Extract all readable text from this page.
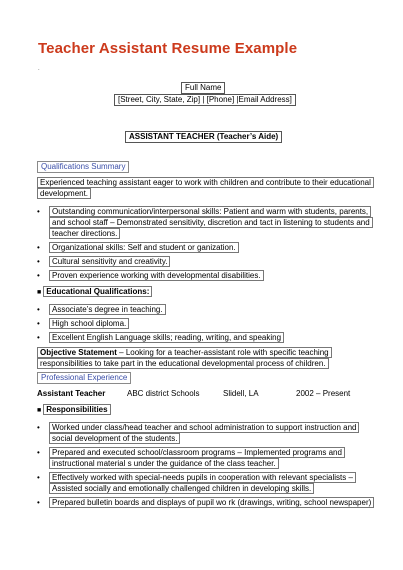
Teacher Assistant Resume Example
.
Full Name
[Street, City, State, Zip] | [Phone] |Email Address]
ASSISTANT TEACHER (Teacher’s Aide)
Qualifications Summary
Experienced teaching assistant eager to work with children and contribute to their educational
development.
• Outstanding communication/interpersonal skills: Patient and warm with students, parents,
and school staff – Demonstrated sensitivity, discretion and tact in listening to students and
teacher directions.
• Organizational skills: Self and student or ganization.
• Cultural sensitivity and creativity.
• Proven experience working with developmental disabilities.
■ Educational Qualifications:
• Associate’s degree in teaching.
• High school diploma.
• Excellent English Language skills; reading, writing, and speaking
Objective Statement – Looking for a teacher-assistant role with specific teaching
responsibilities to take part in the educational developmental process of children.
Professional Experience
Assistant Teacher	ABC district Schools	Slidell, LA	2002 – Present
■ Responsibilities
• Worked under class/head teacher and school administration to support instruction and
social development of the students.
• Prepared and executed school/classroom programs – Implemented programs and
instructional material s under the guidance of the class teacher.
• Effectively worked with special-needs pupils in cooperation with relevant specialists –
Assisted socially and emotionally challenged children in developing skills.
• Prepared bulletin boards and displays of pupil wo rk (drawings, writing, school newspaper)
